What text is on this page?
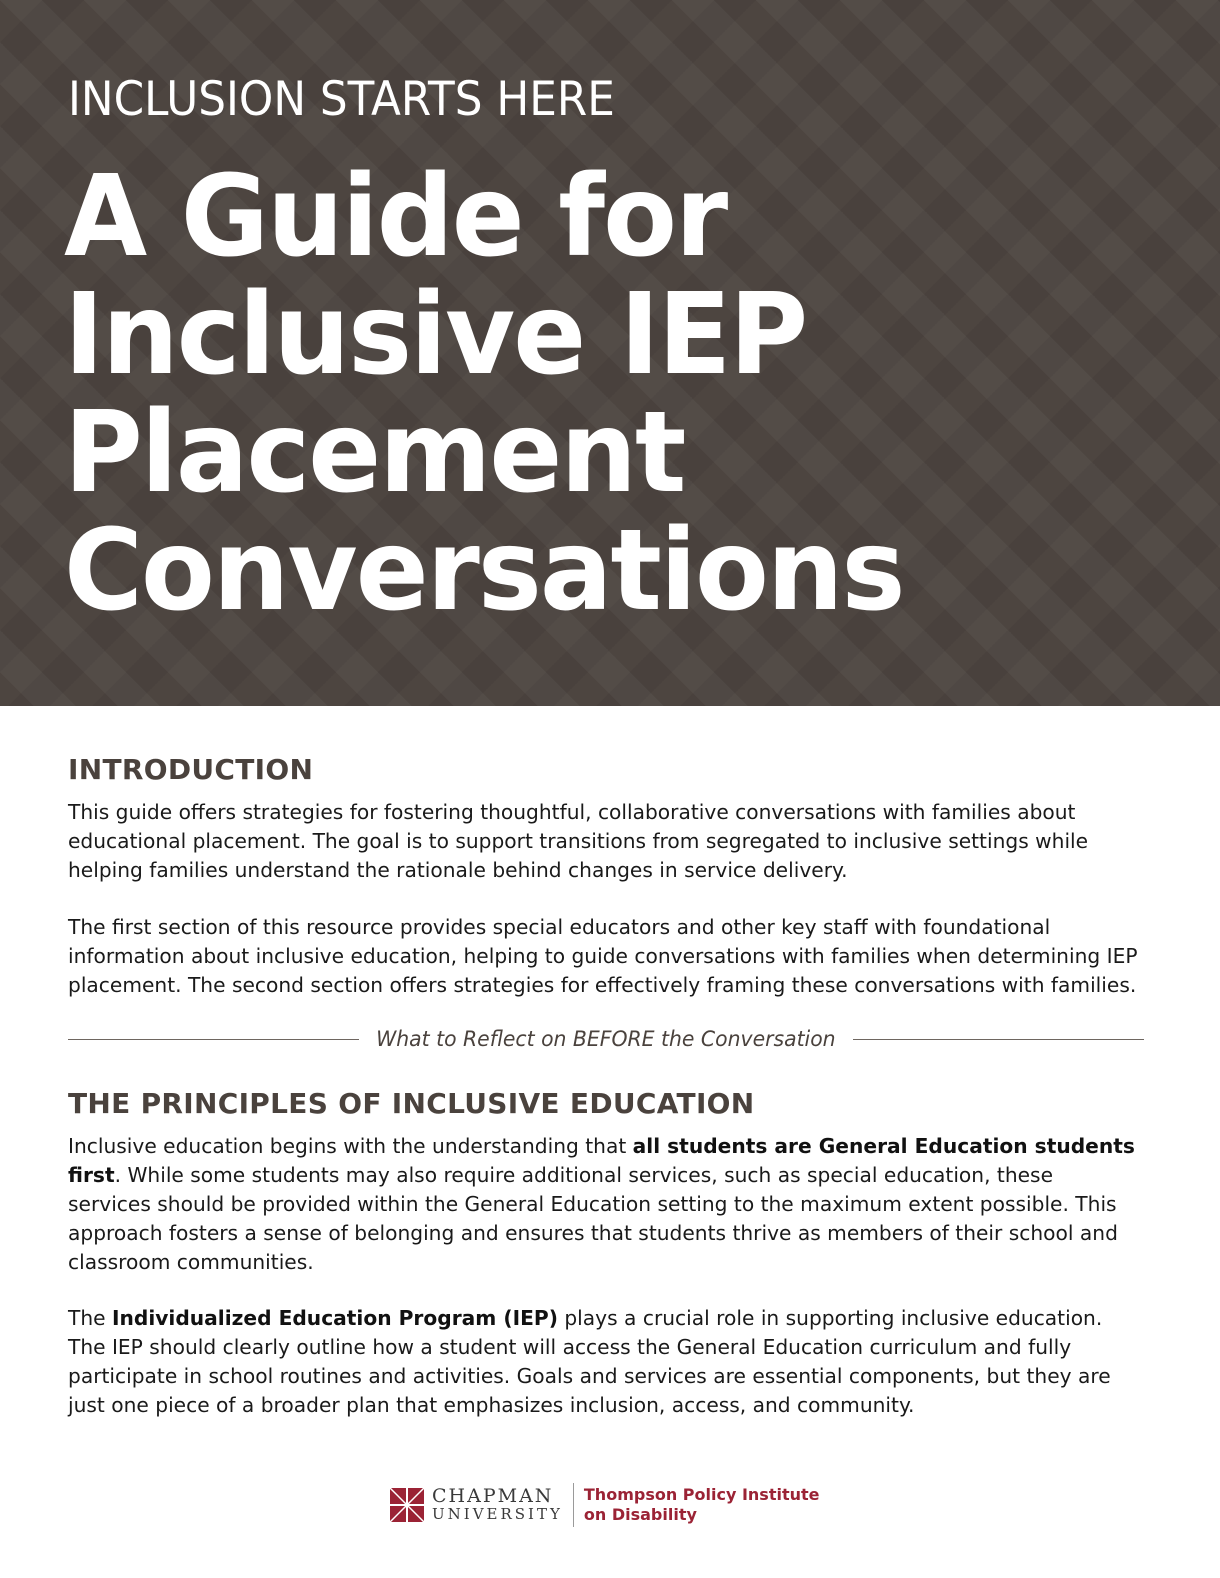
INCLUSION STARTS HERE
A Guide for
Inclusive IEP
Placement
Conversations
INTRODUCTION

This guide offers strategies for fostering thoughtful, collaborative conversations with families about educational placement. The goal is to support transitions from segregated to inclusive settings while helping families understand the rationale behind changes in service delivery.

The first section of this resource provides special educators and other key staff with foundational information about inclusive education, helping to guide conversations with families when determining IEP placement. The second section offers strategies for effectively framing these conversations with families.

What to Reflect on BEFORE the Conversation
THE PRINCIPLES OF INCLUSIVE EDUCATION

Inclusive education begins with the understanding that all students are General Education students first. While some students may also require additional services, such as special education, these services should be provided within the General Education setting to the maximum extent possible. This approach fosters a sense of belonging and ensures that students thrive as members of their school and classroom communities.

The Individualized Education Program (IEP) plays a crucial role in supporting inclusive education. The IEP should clearly outline how a student will access the General Education curriculum and fully participate in school routines and activities. Goals and services are essential components, but they are just one piece of a broader plan that emphasizes inclusion, access, and community.

CHAPMAN
UNIVERSITY
Thompson Policy Institute
on Disability
